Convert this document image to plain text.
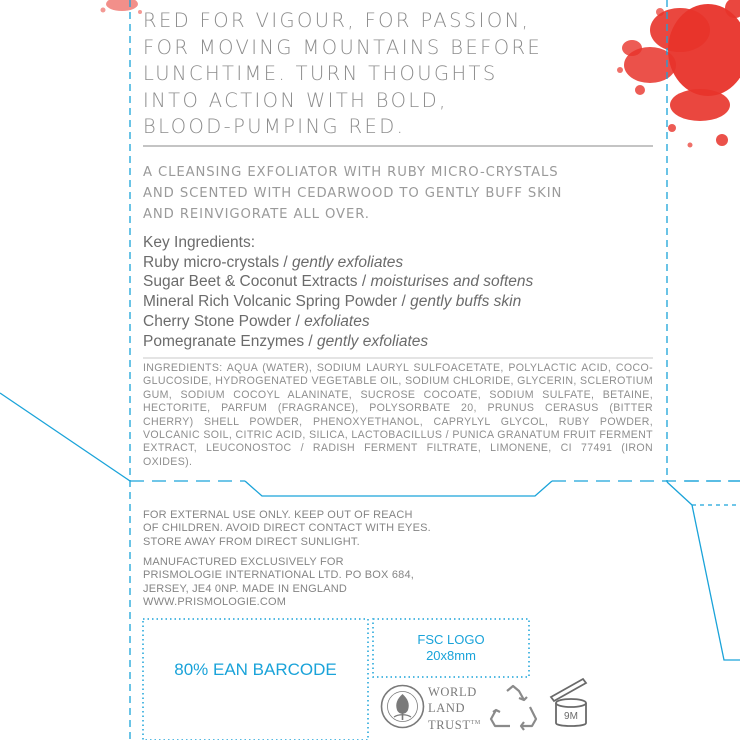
RED FOR VIGOUR, FOR PASSION,
FOR MOVING MOUNTAINS BEFORE
LUNCHTIME. TURN THOUGHTS
INTO ACTION WITH BOLD,
BLOOD-PUMPING RED.
A CLEANSING EXFOLIATOR WITH RUBY MICRO-CRYSTALS
AND SCENTED WITH CEDARWOOD TO GENTLY BUFF SKIN
AND REINVIGORATE ALL OVER.
Key Ingredients:
Ruby micro-crystals / gently exfoliates
Sugar Beet & Coconut Extracts / moisturises and softens
Mineral Rich Volcanic Spring Powder / gently buffs skin
Cherry Stone Powder / exfoliates
Pomegranate Enzymes / gently exfoliates

INGREDIENTS: AQUA (WATER), SODIUM LAURYL SULFOACETATE, POLYLACTIC ACID, COCO-GLUCOSIDE, HYDROGENATED VEGETABLE OIL, SODIUM CHLORIDE, GLYCERIN, SCLEROTIUM GUM, SODIUM COCOYL ALANINATE, SUCROSE COCOATE, SODIUM SULFATE, BETAINE, HECTORITE, PARFUM (FRAGRANCE), POLYSORBATE 20, PRUNUS CERASUS (BITTER CHERRY) SHELL POWDER, PHENOXYETHANOL, CAPRYLYL GLYCOL, RUBY POWDER, VOLCANIC SOIL, CITRIC ACID, SILICA, LACTOBACILLUS / PUNICA GRANATUM FRUIT FERMENT EXTRACT, LEUCONOSTOC / RADISH FERMENT FILTRATE, LIMONENE, CI 77491 (IRON OXIDES).

FOR EXTERNAL USE ONLY. KEEP OUT OF REACH
OF CHILDREN. AVOID DIRECT CONTACT WITH EYES.
STORE AWAY FROM DIRECT SUNLIGHT.
MANUFACTURED EXCLUSIVELY FOR
PRISMOLOGIE INTERNATIONAL LTD. PO BOX 684,
JERSEY, JE4 0NP. MADE IN ENGLAND
WWW.PRISMOLOGIE.COM
80% EAN BARCODE
FSC LOGO
20x8mm
WORLD
LAND
TRUST™
9M
